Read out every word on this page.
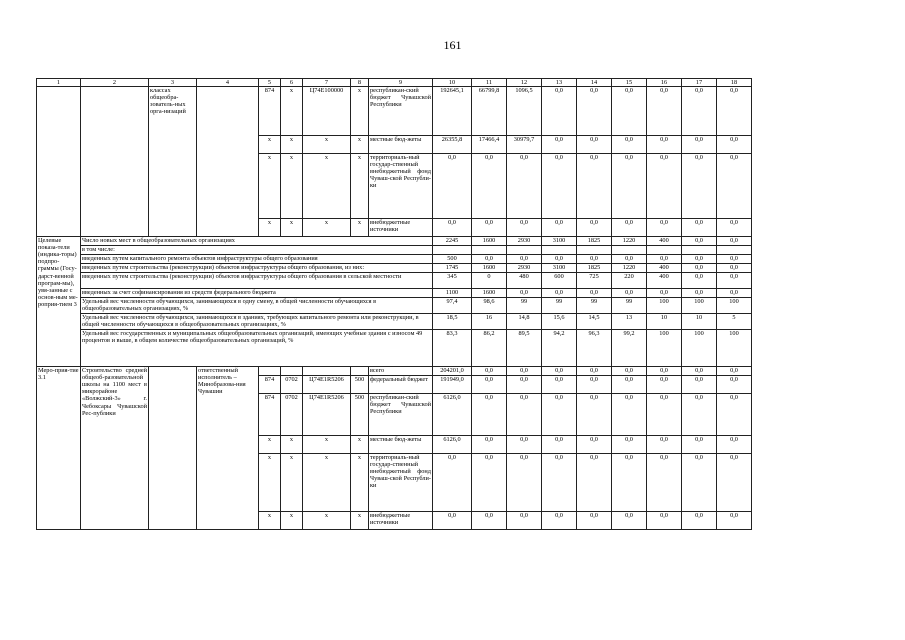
161
1	2	3	4	5	6	7	8	9	10	11	12	13	14	15	16	17	18
		классах общеобра-зователь-ных орга-низаций		874	х	Ц74Е100000	х	республикан-ский бюджет Чувашской Республики	192645,1	66799,8	1096,5	0,0	0,0	0,0	0,0	0,0	0,0
				х	х	х	х	местные бюд-жеты	26355,8	17466,4	30979,7	0,0	0,0	0,0	0,0	0,0	0,0
				х	х	х	х	территориаль-ный государ-ственный внебюджетный фонд Чуваш-ской Республи-ки	0,0	0,0	0,0	0,0	0,0	0,0	0,0	0,0	0,0
				х	х	х	х	внебюджетные источники	0,0	0,0	0,0	0,0	0,0	0,0	0,0	0,0	0,0
Целевые показа-тели (индика-торы) подпро-граммы (Госу-дарст-венной програм-мы), увя-занные с основ-ным ме-роприя-тием 3	Число новых мест в общеобразовательных организациях								2245	1600	2930	3100	1825	1220	400	0,0	0,0
	в том числе:																
	введенных путем капитального ремонта объектов инфраструктуры общего образования								500	0,0	0,0	0,0	0,0	0,0	0,0	0,0	0,0
	введенных путем строительства (реконструкции) объектов инфраструктуры общего образования, из них:								1745	1600	2930	3100	1825	1220	400	0,0	0,0
	введенных путем строительства (реконструкции) объектов инфраструктуры общего образования в сельской местности								345	0	480	600	725	220	400	0,0	0,0
	введенных за счет софинансирования из средств федерального бюджета								1100	1600	0,0	0,0	0,0	0,0	0,0	0,0	0,0
	Удельный вес численности обучающихся, занимающихся в одну смену, в общей численности обучающихся в общеобразовательных организациях, %								97,4	98,6	99	99	99	99	100	100	100
	Удельный вес численности обучающихся, занимающихся в зданиях, требующих капитального ремонта или реконструкции, в общей численности обучающихся в общеобразовательных организациях, %								18,5	16	14,8	15,6	14,5	13	10	10	5
	Удельный вес государственных и муниципальных общеобразовательных организаций, имеющих учебные здания с износом 49 процентов и выше, в общем количестве общеобразовательных организаций, %								83,3	86,2	89,5	94,2	96,3	99,2	100	100	100
Меро-прия-тие 3.1	Строительство средней общеоб-разовательной школы на 1100 мест в микрорайоне «Волжский-3» г. Чебоксары Чувашской Рес-публики		ответственный исполнитель – Минобразова-ния Чувашии					всего	204201,0	0,0	0,0	0,0	0,0	0,0	0,0	0,0	0,0
				874	0702	Ц74Е1R5206	500	федеральный бюджет	191949,0	0,0	0,0	0,0	0,0	0,0	0,0	0,0	0,0
				874	0702	Ц74Е1R5206	500	республикан-ский бюджет Чувашской Республики	6126,0	0,0	0,0	0,0	0,0	0,0	0,0	0,0	0,0
				х	х	х	х	местные бюд-жеты	6126,0	0,0	0,0	0,0	0,0	0,0	0,0	0,0	0,0
				х	х	х	х	территориаль-ный государ-ственный внебюджетный фонд Чуваш-ской Республи-ки	0,0	0,0	0,0	0,0	0,0	0,0	0,0	0,0	0,0
				х	х	х	х	внебюджетные источники	0,0	0,0	0,0	0,0	0,0	0,0	0,0	0,0	0,0
